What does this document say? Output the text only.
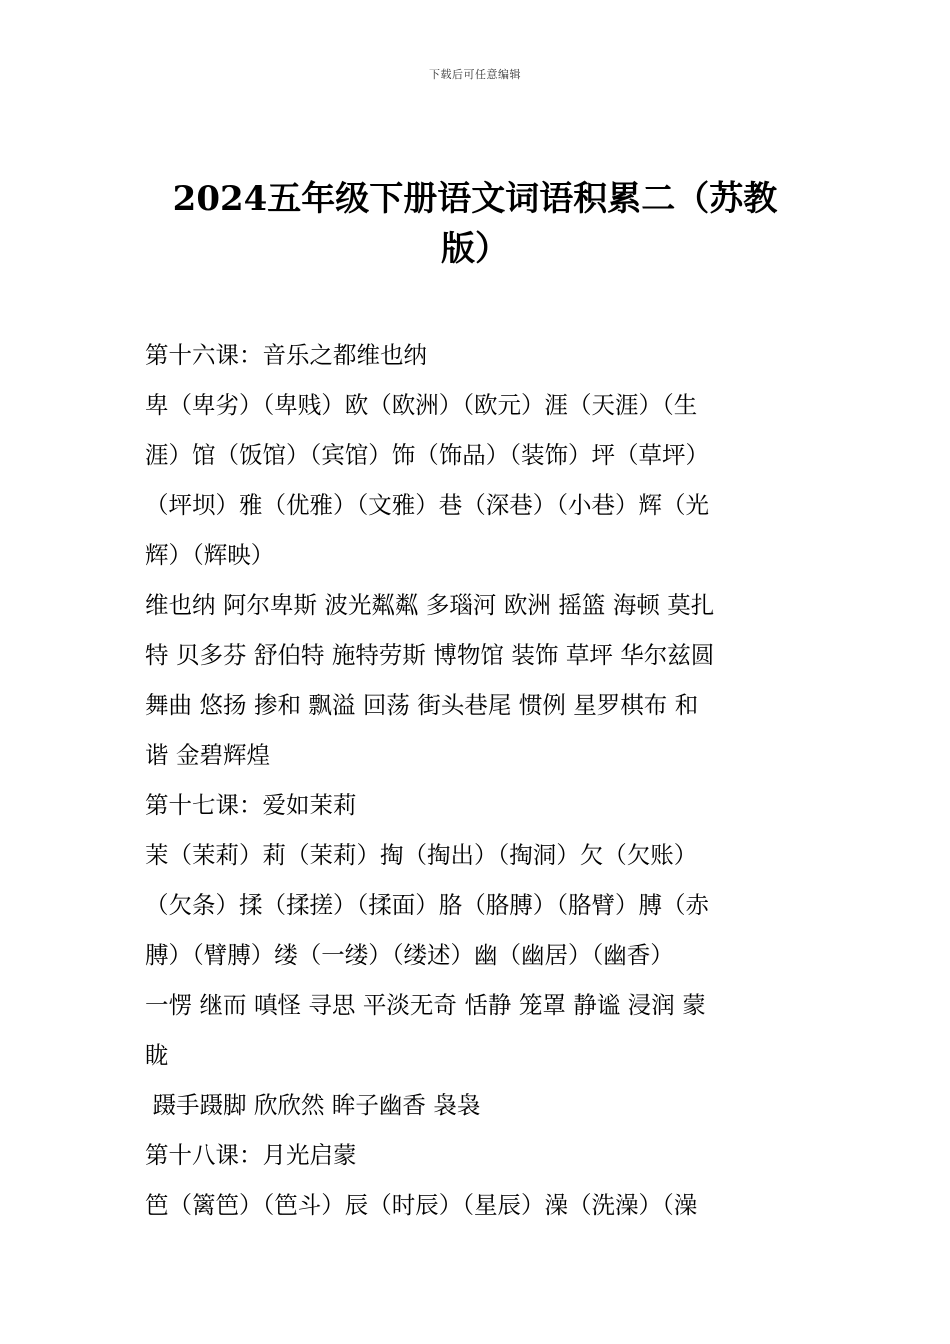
下载后可任意编辑
2024五年级下册语文词语积累二（苏教
版）
第十六课：音乐之都维也纳
卑（卑劣）（卑贱）欧（欧洲）（欧元）涯（天涯）（生
涯）馆（饭馆）（宾馆）饰（饰品）（装饰）坪（草坪）
（坪坝）雅（优雅）（文雅）巷（深巷）（小巷）辉（光
辉）（辉映）
维也纳 阿尔卑斯 波光粼粼 多瑙河 欧洲 摇篮 海顿 莫扎
特 贝多芬 舒伯特 施特劳斯 博物馆 装饰 草坪 华尔兹圆
舞曲 悠扬 掺和 飘溢 回荡 街头巷尾 惯例 星罗棋布 和
谐 金碧辉煌
第十七课：爱如茉莉
茉（茉莉）莉（茉莉）掏（掏出）（掏洞）欠（欠账）
（欠条）揉（揉搓）（揉面）胳（胳膊）（胳臂）膊（赤
膊）（臂膊）缕（一缕）（缕述）幽（幽居）（幽香）
一愣 继而 嗔怪 寻思 平淡无奇 恬静 笼罩 静谧 浸润 蒙
眬
蹑手蹑脚 欣欣然 眸子幽香 袅袅
第十八课：月光启蒙
笆（篱笆）（笆斗）辰（时辰）（星辰）澡（洗澡）（澡
